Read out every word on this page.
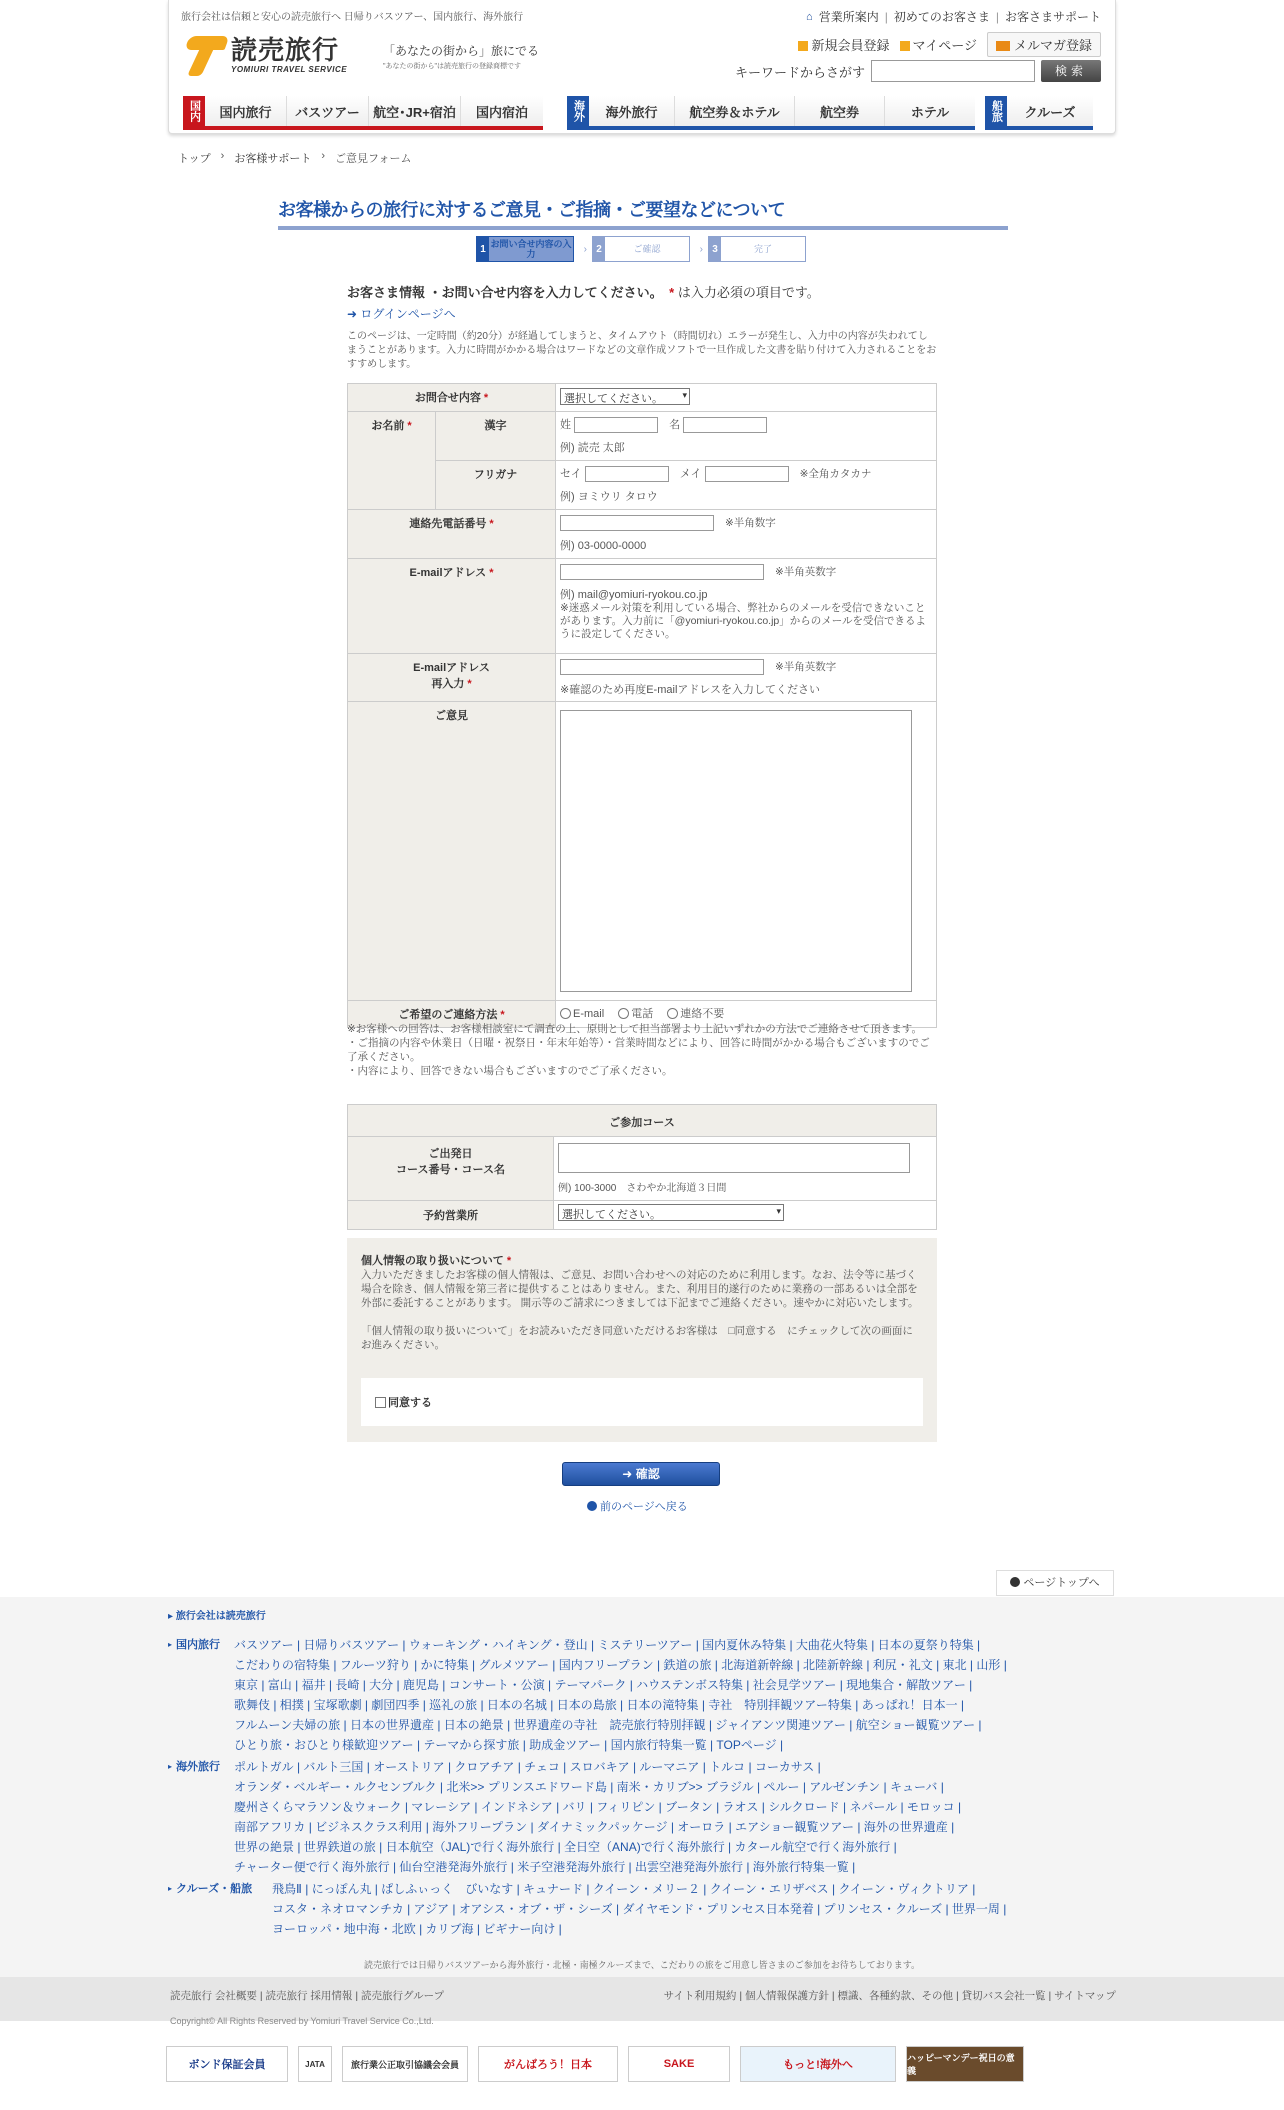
旅行会社は信頼と安心の読売旅行へ 日帰りバスツアー、国内旅行、海外旅行
読売旅行
YOMIURI TRAVEL SERVICE
「あなたの街から」旅にでる
"あなたの街から"は読売旅行の登録商標です
⌂ 営業所案内 | 初めてのお客さま | お客さまサポート
新規会員登録	マイページ	メルマガ登録
キーワードからさがす	検索
国内	国内旅行	バスツアー	航空･JR+宿泊	国内宿泊	海外	海外旅行	航空券＆ホテル	航空券	ホテル	船旅	クルーズ
トップ › お客様サポート › ご意見フォーム
お客様からの旅行に対するご意見・ご指摘・ご要望などについて
1 お問い合せ内容の入力	› 2	ご確認	› 3	完了
お客さま情報 ・お問い合せ内容を入力してください。　 * は入力必須の項目です。
➜ ログインページへ
このページは、一定時間（約20分）が経過してしまうと、タイムアウト（時間切れ）エラーが発生し、入力中の内容が失われてしまうことがあります。入力に時間がかかる場合はワードなどの文章作成ソフトで一旦作成した文書を貼り付けて入力されることをおすすめします。
お問合せ内容 *		選択してください。 ▾

お名前 *	漢字	姓 　 名
例) 読売 太郎

	フリガナ	セイ 　 メイ 　 ※全角カタカナ
例) ヨミウリ タロウ

連絡先電話番号 *	　	※半角数字
例) 03-0000-0000

E-mailアドレス *	　	※半角英数字
例) mail@yomiuri-ryokou.co.jp
※迷惑メール対策を利用している場合、弊社からのメールを受信できないことがあります。入力前に「@yomiuri-ryokou.co.jp」からのメールを受信できるように設定してください。

E-mailアドレス
再入力 *	　	※半角英数字
※確認のため再度E-mailアドレスを入力してください

ご意見		

ご希望のご連絡方法 *		E-mail　 電話　 連絡不要
※お客様への回答は、お客様相談室にて調査の上、原則として担当部署より上記いずれかの方法でご連絡させて頂きます。
・ご指摘の内容や休業日（日曜・祝祭日・年末年始等）・営業時間などにより、回答に時間がかかる場合もございますのでご了承ください。
・内容により、回答できない場合もございますのでご了承ください。
ご参加コース	
ご出発日
コース番号・コース名	例) 100-3000　さわやか北海道３日間

予約営業所	選択してください。 ▾
個人情報の取り扱いについて *
入力いただきましたお客様の個人情報は、ご意見、お問い合わせへの対応のために利用します。なお、法令等に基づく場合を除き、個人情報を第三者に提供することはありません。また、利用目的遂行のために業務の一部あるいは全部を外部に委託することがあります。 開示等のご請求につきましては下記までご連絡ください。速やかに対応いたします。
「個人情報の取り扱いについて」をお読みいただき同意いただけるお客様は　□同意する　にチェックして次の画面にお進みください。
同意する
➜ 確認
前のページへ戻る
ページトップへ
▸ 旅行会社は読売旅行
▸ 国内旅行	バスツアー | 日帰りバスツアー | ウォーキング・ハイキング・登山 | ミステリーツアー | 国内夏休み特集 | 大曲花火特集 | 日本の夏祭り特集 |
こだわりの宿特集 | フルーツ狩り | かに特集 | グルメツアー | 国内フリープラン | 鉄道の旅 | 北海道新幹線 | 北陸新幹線 | 利尻・礼文 | 東北 | 山形 |
東京 | 富山 | 福井 | 長崎 | 大分 | 鹿児島 | コンサート・公演 | テーマパーク | ハウステンボス特集 | 社会見学ツアー | 現地集合・解散ツアー |
歌舞伎 | 相撲 | 宝塚歌劇 | 劇団四季 | 巡礼の旅 | 日本の名城 | 日本の島旅 | 日本の滝特集 | 寺社　特別拝観ツアー特集 | あっぱれ！日本一 |
フルムーン夫婦の旅 | 日本の世界遺産 | 日本の絶景 | 世界遺産の寺社　読売旅行特別拝観 | ジャイアンツ関連ツアー | 航空ショー観覧ツアー |
ひとり旅・おひとり様歓迎ツアー | テーマから探す旅 | 助成金ツアー | 国内旅行特集一覧 | TOPページ |
▸ 海外旅行	ポルトガル | バルト三国 | オーストリア | クロアチア | チェコ | スロバキア | ルーマニア | トルコ | コーカサス |
オランダ・ベルギー・ルクセンブルク | 北米>> プリンスエドワード島 | 南米・カリブ>> ブラジル | ペルー | アルゼンチン | キューバ |
慶州さくらマラソン＆ウォーク | マレーシア | インドネシア | バリ | フィリピン | ブータン | ラオス | シルクロード | ネパール | モロッコ |
南部アフリカ | ビジネスクラス利用 | 海外フリープラン | ダイナミックパッケージ | オーロラ | エアショー観覧ツアー | 海外の世界遺産 |
世界の絶景 | 世界鉄道の旅 | 日本航空（JAL)で行く海外旅行 | 全日空（ANA)で行く海外旅行 | カタール航空で行く海外旅行 |
チャーター便で行く海外旅行 | 仙台空港発海外旅行 | 米子空港発海外旅行 | 出雲空港発海外旅行 | 海外旅行特集一覧 |
▸ クルーズ・船旅	飛鳥Ⅱ | にっぽん丸 | ぱしふぃっく　びいなす | キュナード | クイーン・メリー２ | クイーン・エリザベス | クイーン・ヴィクトリア |
コスタ・ネオロマンチカ | アジア | オアシス・オブ・ザ・シーズ | ダイヤモンド・プリンセス日本発着 | プリンセス・クルーズ | 世界一周 |
ヨーロッパ・地中海・北欧 | カリブ海 | ビギナー向け |
読売旅行では日帰りバスツアーから海外旅行・北極・南極クルーズまで、こだわりの旅をご用意し皆さまのご参加をお待ちしております。
読売旅行 会社概要 | 読売旅行 採用情報 | 読売旅行グループ	サイト利用規約 | 個人情報保護方針 | 標識、各種約款、その他 | 貸切バス会社一覧 | サイトマップ
Copyright© All Rights Reserved by Yomiuri Travel Service Co.,Ltd.
ボンド保証会員	JATA	旅行業公正取引協議会会員	がんばろう！日本	SAKE	もっと!海外へ
ハッピーマンデー祝日の意義
